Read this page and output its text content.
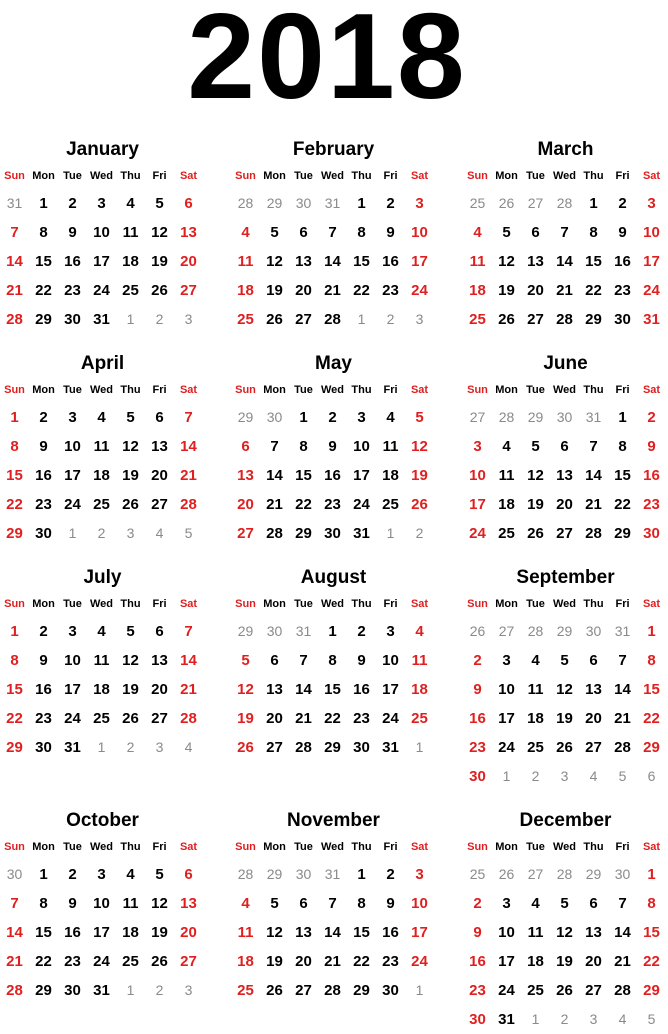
2018
January
Sun Mon Tue Wed Thu	Fri	Sat
31	1	2	3	4	5	6
7	8	9	10 11 12 13
14 15 16 17 18 19 20
21 22 23 24 25 26 27
28 29 30 31	1	2	3
February
Sun Mon Tue Wed Thu	Fri	Sat
28 29 30 31	1	2	3
4	5	6	7	8	9	10
11 12 13 14 15 16 17
18 19 20 21 22 23 24
25 26 27 28	1	2	3
March
Sun Mon Tue Wed Thu	Fri	Sat
25 26 27 28	1	2	3
4	5	6	7	8	9	10
11 12 13 14 15 16 17
18 19 20 21 22 23 24
25 26 27 28 29 30 31
April
Sun Mon Tue Wed Thu	Fri	Sat
1	2	3	4	5	6	7
8	9	10 11 12 13 14
15 16 17 18 19 20 21
22 23 24 25 26 27 28
29 30	1	2	3	4	5
May
Sun Mon Tue Wed Thu	Fri	Sat
29 30	1	2	3	4	5
6	7	8	9	10 11 12
13 14 15 16 17 18 19
20 21 22 23 24 25 26
27 28 29 30 31	1	2
June
Sun Mon Tue Wed Thu	Fri	Sat
27 28 29 30 31	1	2
3	4	5	6	7	8	9
10 11 12 13 14 15 16
17 18 19 20 21 22 23
24 25 26 27 28 29 30
July
Sun Mon Tue Wed Thu	Fri	Sat
1	2	3	4	5	6	7
8	9	10 11 12 13 14
15 16 17 18 19 20 21
22 23 24 25 26 27 28
29 30 31	1	2	3	4
August
Sun Mon Tue Wed Thu	Fri	Sat
29 30 31	1	2	3	4
5	6	7	8	9	10 11
12 13 14 15 16 17 18
19 20 21 22 23 24 25
26 27 28 29 30 31	1
September
Sun Mon Tue Wed Thu	Fri	Sat
26 27 28 29 30 31	1
2	3	4	5	6	7	8
9	10 11 12 13 14 15
16 17 18 19 20 21 22
23 24 25 26 27 28 29
30	1	2	3	4	5	6
October
Sun Mon Tue Wed Thu	Fri	Sat
30	1	2	3	4	5	6
7	8	9	10 11 12 13
14 15 16 17 18 19 20
21 22 23 24 25 26 27
28 29 30 31	1	2	3
November
Sun Mon Tue Wed Thu	Fri	Sat
28 29 30 31	1	2	3
4	5	6	7	8	9	10
11 12 13 14 15 16 17
18 19 20 21 22 23 24
25 26 27 28 29 30	1
December
Sun Mon Tue Wed Thu	Fri	Sat
25 26 27 28 29 30	1
2	3	4	5	6	7	8
9	10 11 12 13 14 15
16 17 18 19 20 21 22
23 24 25 26 27 28 29
30 31	1	2	3	4	5
